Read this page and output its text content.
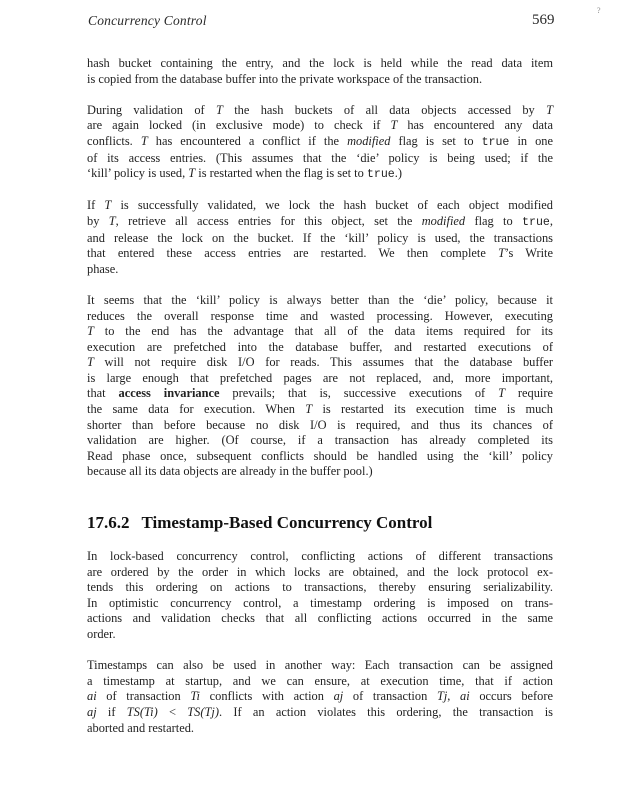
Concurrency Control	569
?

hash bucket containing the entry, and the lock is held while the read data item

is copied from the database buffer into the private workspace of the transaction.

During validation of T the hash buckets of all data objects accessed by T

are again locked (in exclusive mode) to check if T has encountered any data

conflicts. T has encountered a conflict if the modified flag is set to true in one

of its access entries. (This assumes that the ‘die’ policy is being used; if the

‘kill’ policy is used, T is restarted when the flag is set to true.)

If T is successfully validated, we lock the hash bucket of each object modified

by T, retrieve all access entries for this object, set the modified flag to true,

and release the lock on the bucket. If the ‘kill’ policy is used, the transactions

that entered these access entries are restarted. We then complete T’s Write

phase.

It seems that the ‘kill’ policy is always better than the ‘die’ policy, because it

reduces the overall response time and wasted processing. However, executing

T to the end has the advantage that all of the data items required for its

execution are prefetched into the database buffer, and restarted executions of

T will not require disk I/O for reads. This assumes that the database buffer

is large enough that prefetched pages are not replaced, and, more important,

that access invariance prevails; that is, successive executions of T require

the same data for execution. When T is restarted its execution time is much

shorter than before because no disk I/O is required, and thus its chances of

validation are higher. (Of course, if a transaction has already completed its

Read phase once, subsequent conflicts should be handled using the ‘kill’ policy

because all its data objects are already in the buffer pool.)

17.6.2 Timestamp-Based Concurrency Control

In lock-based concurrency control, conflicting actions of different transactions

are ordered by the order in which locks are obtained, and the lock protocol ex-

tends this ordering on actions to transactions, thereby ensuring serializability.

In optimistic concurrency control, a timestamp ordering is imposed on trans-

actions and validation checks that all conflicting actions occurred in the same

order.

Timestamps can also be used in another way: Each transaction can be assigned

a timestamp at startup, and we can ensure, at execution time, that if action

ai of transaction Ti conflicts with action aj of transaction Tj, ai occurs before

aj if TS(Ti) < TS(Tj). If an action violates this ordering, the transaction is

aborted and restarted.
